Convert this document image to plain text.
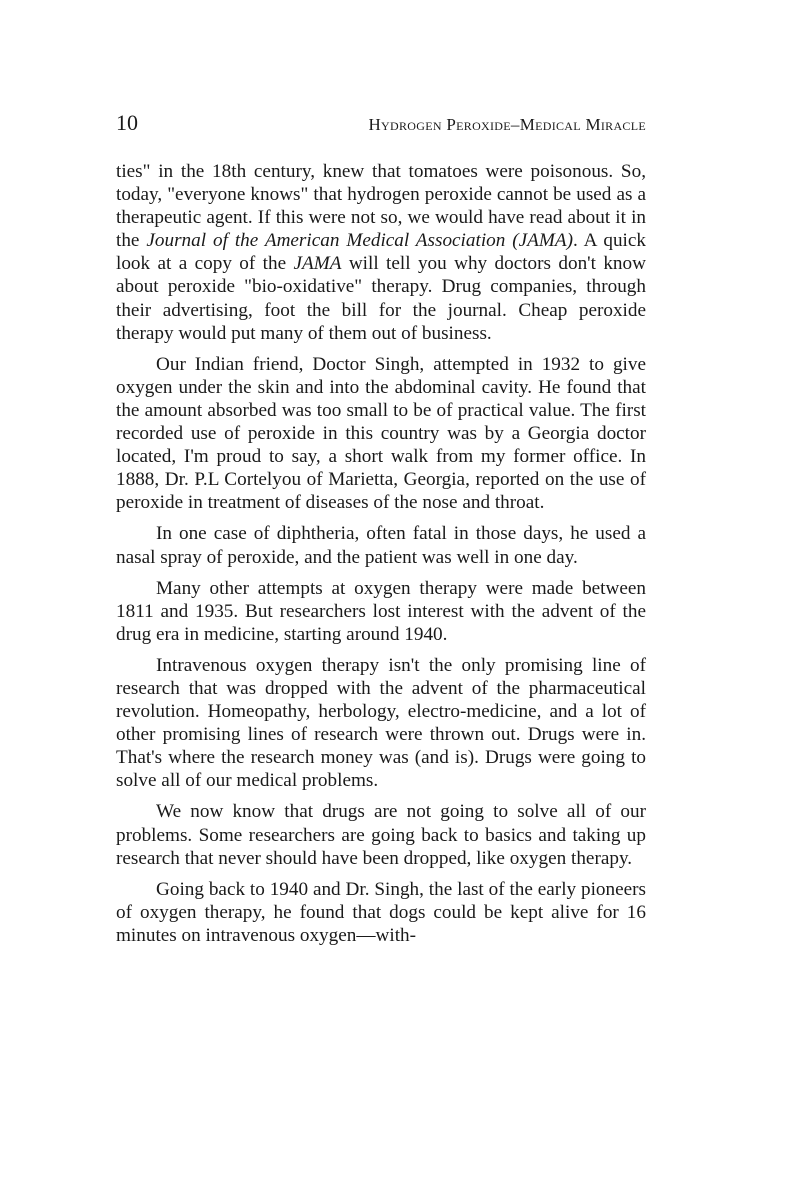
10	Hydrogen Peroxide–Medical Miracle

ties" in the 18th century, knew that tomatoes were poisonous. So, today, "everyone knows" that hydrogen peroxide cannot be used as a therapeutic agent. If this were not so, we would have read about it in the Journal of the American Medical Association (JAMA). A quick look at a copy of the JAMA will tell you why doctors don't know about peroxide "bio-oxidative" therapy. Drug companies, through their advertising, foot the bill for the journal. Cheap peroxide therapy would put many of them out of business.

Our Indian friend, Doctor Singh, attempted in 1932 to give oxygen under the skin and into the abdominal cavity. He found that the amount absorbed was too small to be of practical value. The first recorded use of peroxide in this country was by a Georgia doctor located, I'm proud to say, a short walk from my former office. In 1888, Dr. P.L Cortelyou of Marietta, Georgia, reported on the use of peroxide in treatment of diseases of the nose and throat.

In one case of diphtheria, often fatal in those days, he used a nasal spray of peroxide, and the patient was well in one day.

Many other attempts at oxygen therapy were made between 1811 and 1935. But researchers lost interest with the advent of the drug era in medicine, starting around 1940.

Intravenous oxygen therapy isn't the only promising line of research that was dropped with the advent of the pharmaceutical revolution. Homeopathy, herbology, electro-medicine, and a lot of other promising lines of research were thrown out. Drugs were in. That's where the research money was (and is). Drugs were going to solve all of our medical problems.

We now know that drugs are not going to solve all of our problems. Some researchers are going back to basics and taking up research that never should have been dropped, like oxygen therapy.

Going back to 1940 and Dr. Singh, the last of the early pioneers of oxygen therapy, he found that dogs could be kept alive for 16 minutes on intravenous oxygen—with-
